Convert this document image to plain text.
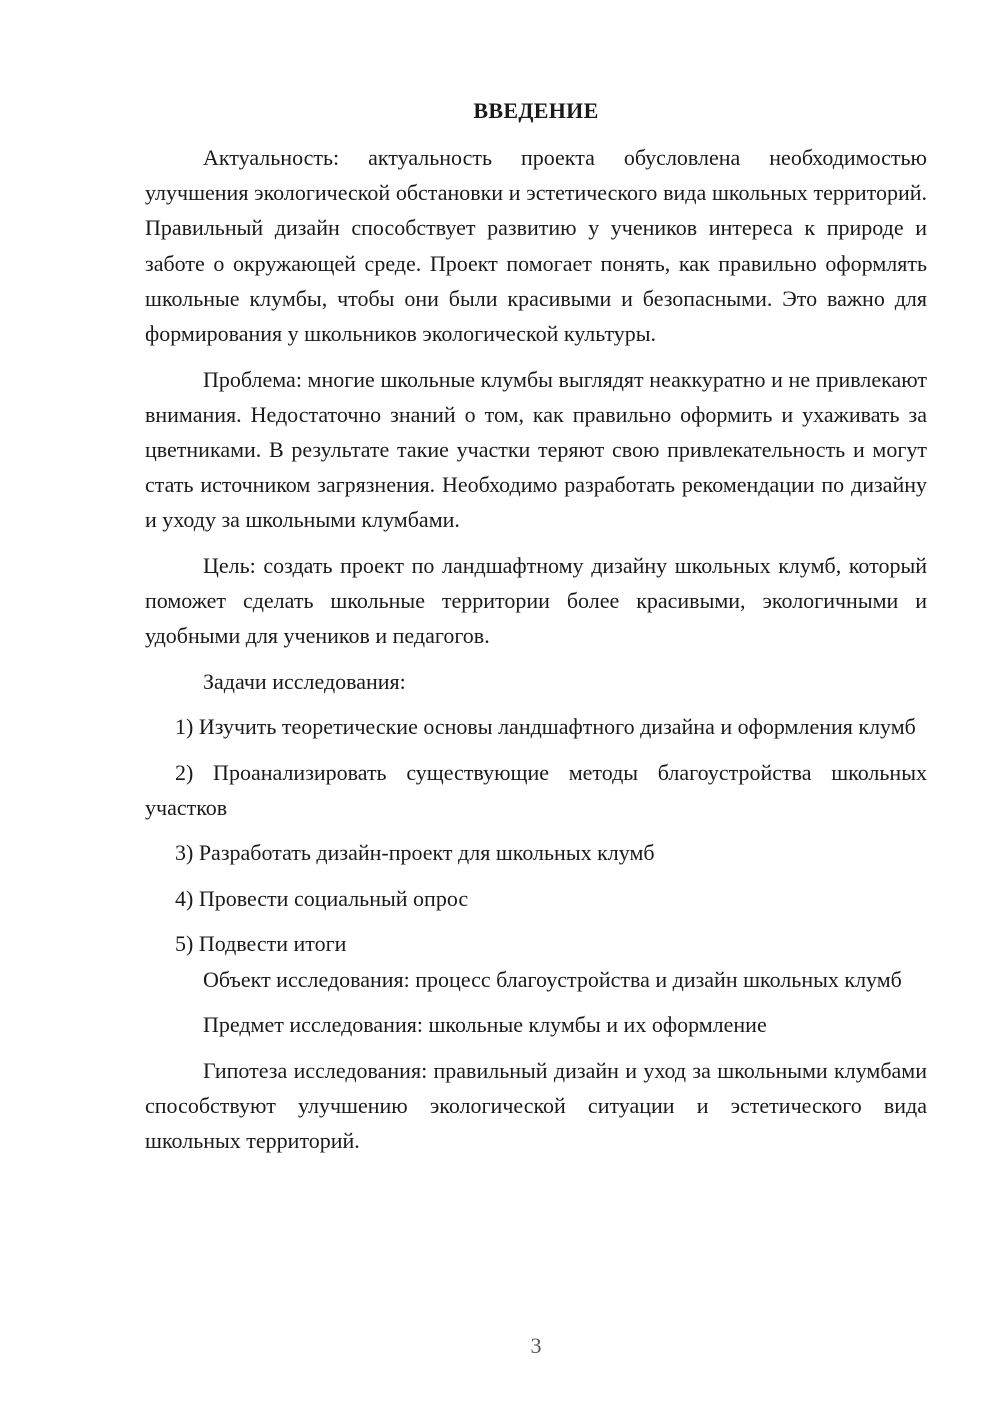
ВВЕДЕНИЕ

Актуальность: актуальность проекта обусловлена необходимостью улучшения экологической обстановки и эстетического вида школьных территорий. Правильный дизайн способствует развитию у учеников интереса к природе и заботе о окружающей среде. Проект помогает понять, как правильно оформлять школьные клумбы, чтобы они были красивыми и безопасными. Это важно для формирования у школьников экологической культуры.

Проблема: многие школьные клумбы выглядят неаккуратно и не привлекают внимания. Недостаточно знаний о том, как правильно оформить и ухаживать за цветниками. В результате такие участки теряют свою привлекательность и могут стать источником загрязнения. Необходимо разработать рекомендации по дизайну и уходу за школьными клумбами.

Цель: создать проект по ландшафтному дизайну школьных клумб, который поможет сделать школьные территории более красивыми, экологичными и удобными для учеников и педагогов.

Задачи исследования:

1) Изучить теоретические основы ландшафтного дизайна и оформления клумб

2) Проанализировать существующие методы благоустройства школьных участков

3) Разработать дизайн-проект для школьных клумб

4) Провести социальный опрос

5) Подвести итоги

Объект исследования: процесс благоустройства и дизайн школьных клумб

Предмет исследования: школьные клумбы и их оформление

Гипотеза исследования: правильный дизайн и уход за школьными клумбами способствуют улучшению экологической ситуации и эстетического вида школьных территорий.

3
